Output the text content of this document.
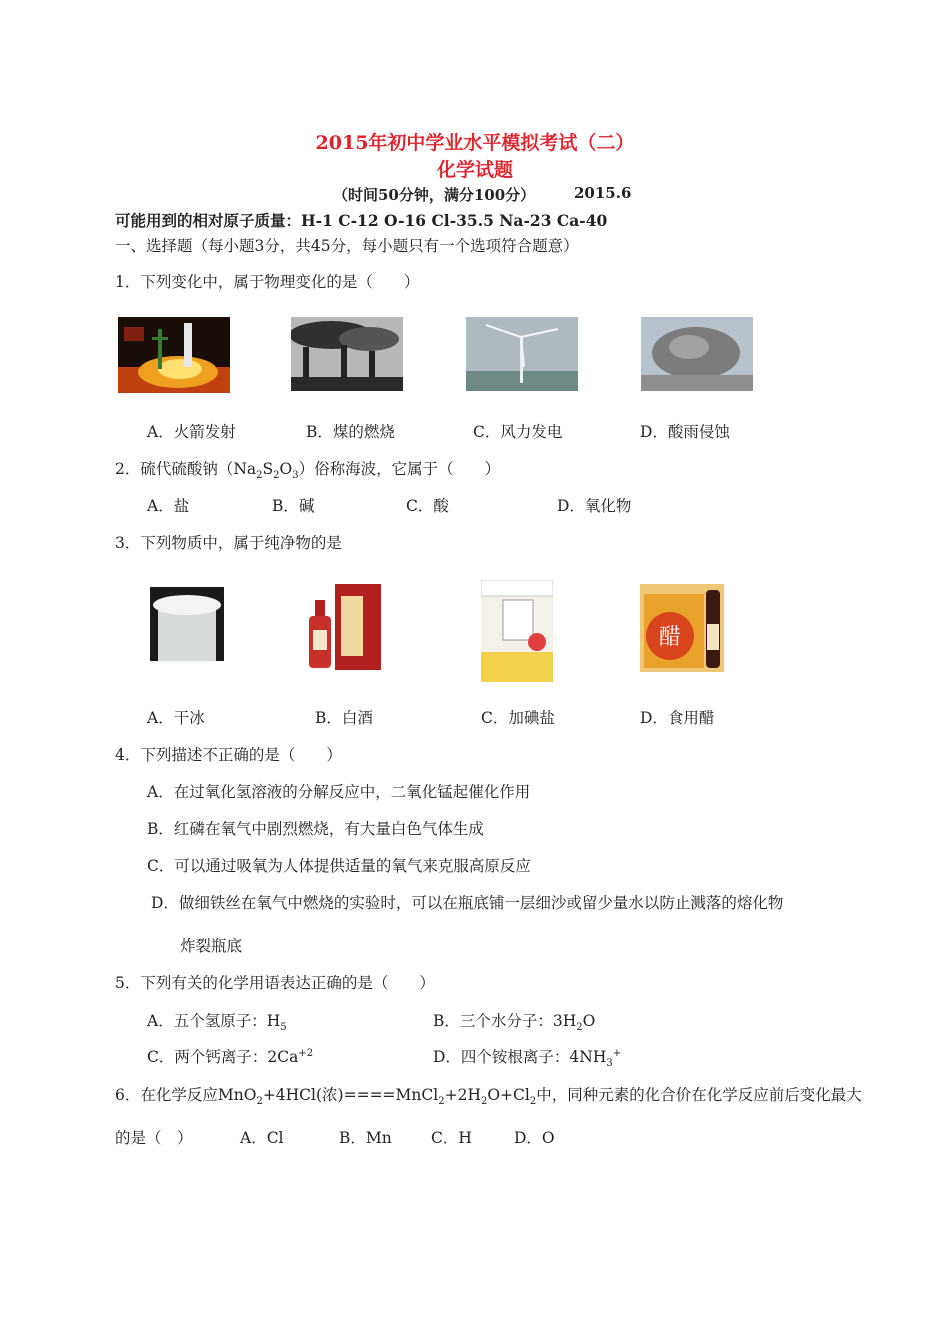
2015年初中学业水平模拟考试（二）
化学试题
（时间50分钟，满分100分）	2015.6
可能用到的相对原子质量：H-1 C-12 O-16 Cl-35.5 Na-23 Ca-40
一、选择题（每小题3分，共45分，每小题只有一个选项符合题意）
1．下列变化中，属于物理变化的是（　　）
A．火箭发射	B．煤的燃烧	C．风力发电	D．酸雨侵蚀
2．硫代硫酸钠$(Na_2S_2O_3)$俗称海波，它属于（　　）
A．盐	B．碱	C．酸	D．氧化物
3．下列物质中，属于纯净物的是
醋
A．干冰	B．白酒	C．加碘盐	D．食用醋
4．下列描述不正确的是（　　）
A．在过氧化氢溶液的分解反应中，二氧化锰起催化作用
B．红磷在氧气中剧烈燃烧，有大量白色气体生成
C．可以通过吸氧为人体提供适量的氧气来克服高原反应
D．做细铁丝在氧气中燃烧的实验时，可以在瓶底铺一层细沙或留少量水以防止溅落的熔化物
炸裂瓶底
5．下列有关的化学用语表达正确的是（　　）
A．五个氢原子：$H_5$	B．三个水分子：$3H_2O$
C．两个钙离子：$2Ca^{+2}$	D．四个铵根离子：$4NH_3^+$
6．在化学反应MnO$_2$+4HCl(浓)$====MnCl_2+2H_2O+Cl_2$中，同种元素的化合价在化学反应前后变化最大
的是（　）	A．Cl	B．Mn	C．H	D．O
